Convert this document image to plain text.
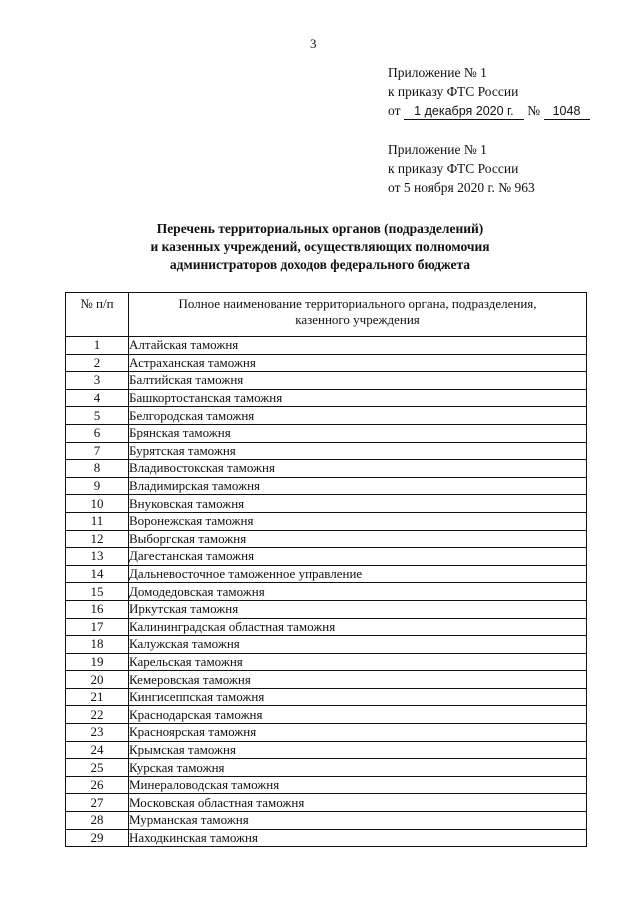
3
Приложение № 1
к приказу ФТС России
от 1 декабря 2020 г. № 1048
Приложение № 1
к приказу ФТС России
от 5 ноября 2020 г. № 963
Перечень территориальных органов (подразделений)
и казенных учреждений, осуществляющих полномочия
администраторов доходов федерального бюджета
№ п/п	Полное наименование территориального органа, подразделения,
казенного учреждения

1	Алтайская таможня
2	Астраханская таможня
3	Балтийская таможня
4	Башкортостанская таможня
5	Белгородская таможня
6	Брянская таможня
7	Бурятская таможня
8	Владивостокская таможня
9	Владимирская таможня
10	Внуковская таможня
11	Воронежская таможня
12	Выборгская таможня
13	Дагестанская таможня
14	Дальневосточное таможенное управление
15	Домодедовская таможня
16	Иркутская таможня
17	Калининградская областная таможня
18	Калужская таможня
19	Карельская таможня
20	Кемеровская таможня
21	Кингисеппская таможня
22	Краснодарская таможня
23	Красноярская таможня
24	Крымская таможня
25	Курская таможня
26	Минераловодская таможня
27	Московская областная таможня
28	Мурманская таможня
29	Находкинская таможня
